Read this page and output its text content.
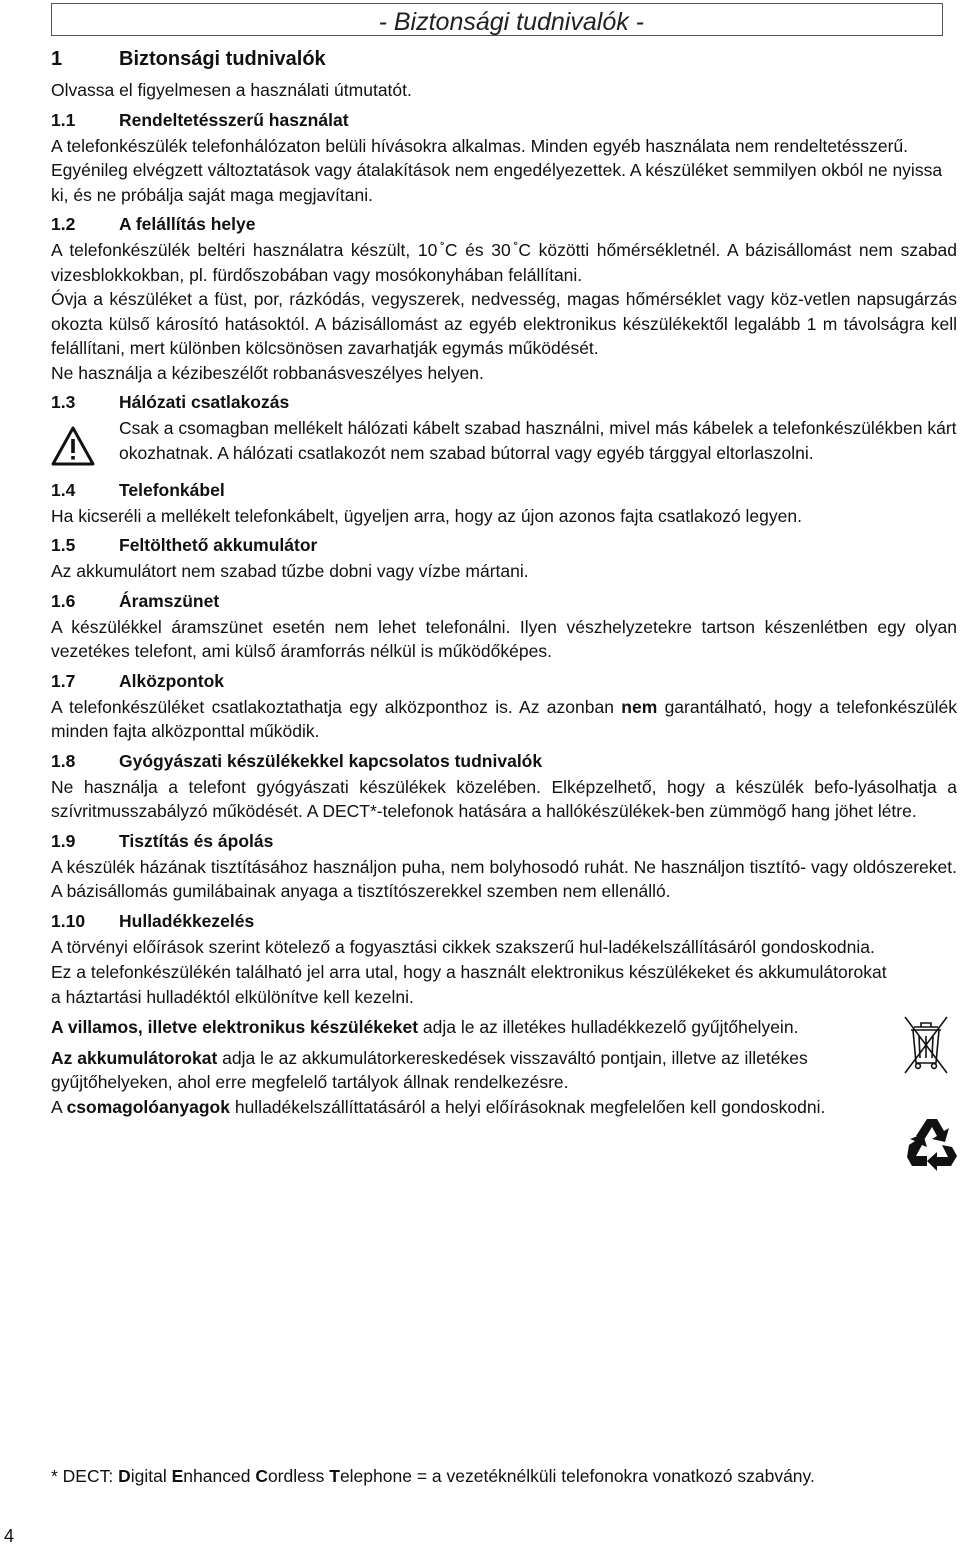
- Biztonsági tudnivalók -
1	Biztonsági tudnivalók

Olvassa el figyelmesen a használati útmutatót.

1.1 Rendeltetésszerű használat

A telefonkészülék telefonhálózaton belüli hívásokra alkalmas. Minden egyéb használata nem rendeltetésszerű. Egyénileg elvégzett változtatások vagy átalakítások nem engedélyezettek. A készüléket semmilyen okból ne nyissa ki, és ne próbálja saját maga megjavítani.

1.2 A felállítás helye

A telefonkészülék beltéri használatra készült, 10 ̊C és 30 ̊C közötti hőmérsékletnél. A bázisállomást nem szabad vizesblokkokban, pl. fürdőszobában vagy mosókonyhában felállítani.

Óvja a készüléket a füst, por, rázkódás, vegyszerek, nedvesség, magas hőmérséklet vagy köz-vetlen napsugárzás okozta külső károsító hatásoktól. A bázisállomást az egyéb elektronikus készülékektől legalább 1 m távolságra kell felállítani, mert különben kölcsönösen zavarhatják egymás működését.

Ne használja a kézibeszélőt robbanásveszélyes helyen.

1.3 Hálózati csatlakozás

Csak a csomagban mellékelt hálózati kábelt szabad használni, mivel más kábelek a telefonkészülékben kárt okozhatnak. A hálózati csatlakozót nem szabad bútorral vagy egyéb tárggyal eltorlaszolni.

1.4 Telefonkábel

Ha kicseréli a mellékelt telefonkábelt, ügyeljen arra, hogy az újon azonos fajta csatlakozó legyen.

1.5 Feltölthető akkumulátor

Az akkumulátort nem szabad tűzbe dobni vagy vízbe mártani.

1.6 Áramszünet

A készülékkel áramszünet esetén nem lehet telefonálni. Ilyen vészhelyzetekre tartson készenlétben egy olyan vezetékes telefont, ami külső áramforrás nélkül is működőképes.

1.7 Alközpontok

A telefonkészüléket csatlakoztathatja egy alközponthoz is. Az azonban nem garantálható, hogy a telefonkészülék minden fajta alközponttal működik.

1.8 Gyógyászati készülékekkel kapcsolatos tudnivalók

Ne használja a telefont gyógyászati készülékek közelében. Elképzelhető, hogy a készülék befo-lyásolhatja a szívritmusszabályzó működését. A DECT*-telefonok hatására a hallókészülékek-ben zümmögő hang jöhet létre.

1.9 Tisztítás és ápolás

A készülék házának tisztításához használjon puha, nem bolyhosodó ruhát. Ne használjon tisztító- vagy oldószereket. A bázisállomás gumilábainak anyaga a tisztítószerekkel szemben nem ellenálló.

1.10 Hulladékkezelés

A törvényi előírások szerint kötelező a fogyasztási cikkek szakszerű hul-ladékelszállításáról gondoskodnia.

Ez a telefonkészülékén található jel arra utal, hogy a használt elektronikus készülékeket és akkumulátorokat a háztartási hulladéktól elkülönítve kell kezelni.

A villamos, illetve elektronikus készülékeket adja le az illetékes hulladékkezelő gyűjtőhelyein.

Az akkumulátorokat adja le az akkumulátorkereskedések visszaváltó pontjain, illetve az illetékes gyűjtőhelyeken, ahol erre megfelelő tartályok állnak rendelkezésre.

A csomagolóanyagok hulladékelszállíttatásáról a helyi előírásoknak megfelelően kell gondoskodni.

* DECT: Digital Enhanced Cordless Telephone = a vezetéknélküli telefonokra vonatkozó szabvány.

4
